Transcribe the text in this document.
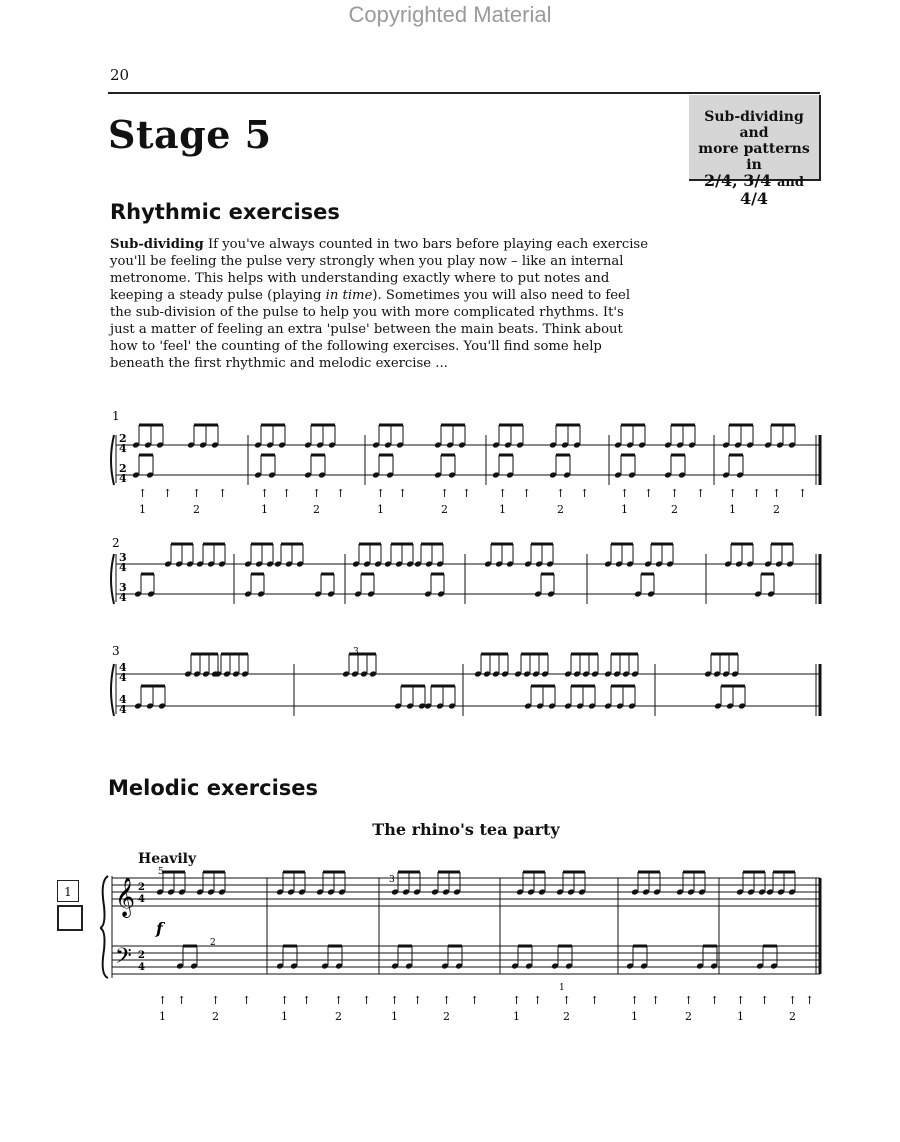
Copyrighted Material
20
Stage 5	Sub-dividing and
more patterns in
2/4, 3/4 and 4/4
Rhythmic exercises
Sub-dividing If you've always counted in two bars before playing each exercise you'll be feeling the pulse very strongly when you play now – like an internal metronome. This helps with understanding exactly where to put notes and keeping a steady pulse (playing in time). Sometimes you will also need to feel the sub-division of the pulse to help you with more complicated rhythms. It's just a matter of feeling an extra 'pulse' between the main beats. Think about how to 'feel' the counting of the following exercises. You'll find some help beneath the first rhythmic and melodic exercise ...
1
2
4
2
4
↑
1
↑ ↑
2
↑	↑
1
↑ ↑
2
↑	↑
1
↑	↑
2
↑ ↑
1
↑ ↑
2
↑	↑
1
↑ ↑
2
↑ ↑
1
↑ ↑
2
↑
2
3
4
3
4
3
4
4
4
4
3
Melodic exercises
The rhino's tea party
Heavily
1 𝄞
𝄢
2
4
2
4
5
2
1
3
f
↑
1
↑ ↑
2
↑	↑
1
↑ ↑
2
↑ ↑
1
↑ ↑
2
↑	↑
1
↑ ↑
2
↑	↑
1
↑ ↑
2
↑ ↑
1
↑ ↑
2
↑
